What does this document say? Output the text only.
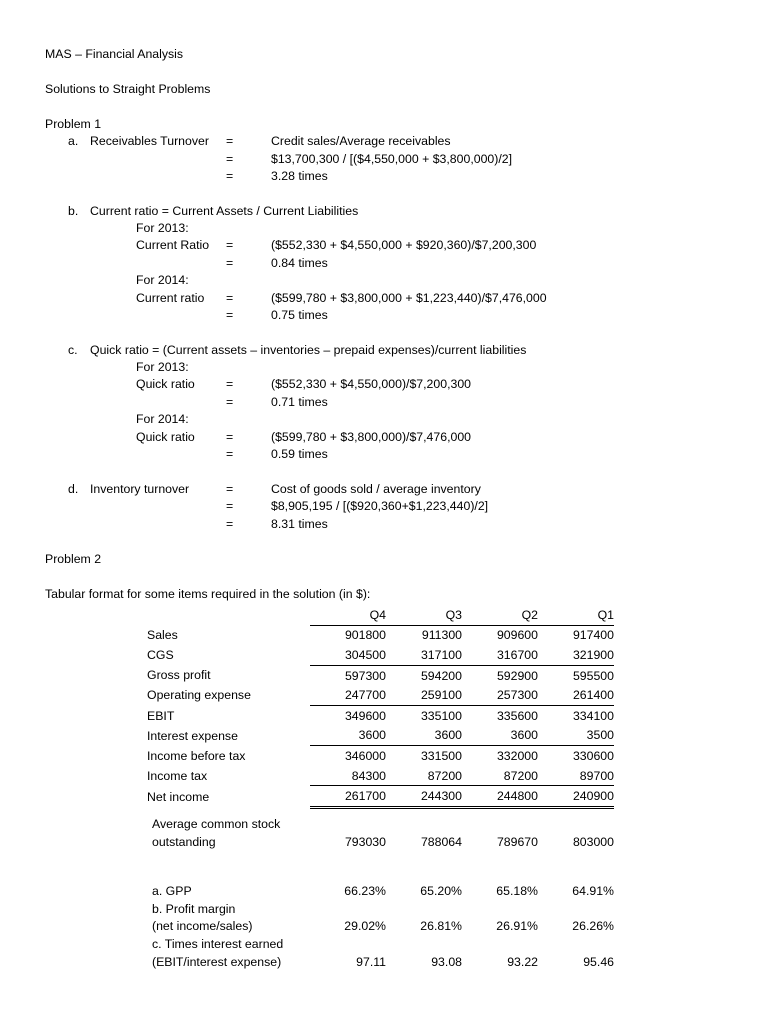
MAS – Financial Analysis
Solutions to Straight Problems
Problem 1
a. Receivables Turnover =	Credit sales/Average receivables
=	$13,700,300 / [($4,550,000 + $3,800,000)/2]
=	3.28 times
b. Current ratio = Current Assets / Current Liabilities
For 2013:
Current Ratio =	($552,330 + $4,550,000 + $920,360)/$7,200,300
=	0.84 times
For 2014:
Current ratio =	($599,780 + $3,800,000 + $1,223,440)/$7,476,000
=	0.75 times
c. Quick ratio = (Current assets – inventories – prepaid expenses)/current liabilities
For 2013:
Quick ratio	=	($552,330 + $4,550,000)/$7,200,300
=	0.71 times
For 2014:
Quick ratio	=	($599,780 + $3,800,000)/$7,476,000
=	0.59 times
d. Inventory turnover	=	Cost of goods sold / average inventory
=	$8,905,195 / [($920,360+$1,223,440)/2]
=	8.31 times
Problem 2
Tabular format for some items required in the solution (in $):
	Q4	Q3	Q2	Q1
Sales	901800	911300	909600	917400
CGS	304500	317100	316700	321900
Gross profit	597300	594200	592900	595500
Operating expense	247700	259100	257300	261400
EBIT	349600	335100	335600	334100
Interest expense	3600	3600	3600	3500
Income before tax	346000	331500	332000	330600
Income tax	84300	87200	87200	89700
Net income	261700	244300	244800	240900
Average common stock
outstanding	793030	788064	789670	803000
a. GPP	66.23%	65.20%	65.18%	64.91%
b. Profit margin
(net income/sales)	29.02%	26.81%	26.91%	26.26%
c. Times interest earned
(EBIT/interest expense)	97.11	93.08	93.22	95.46
